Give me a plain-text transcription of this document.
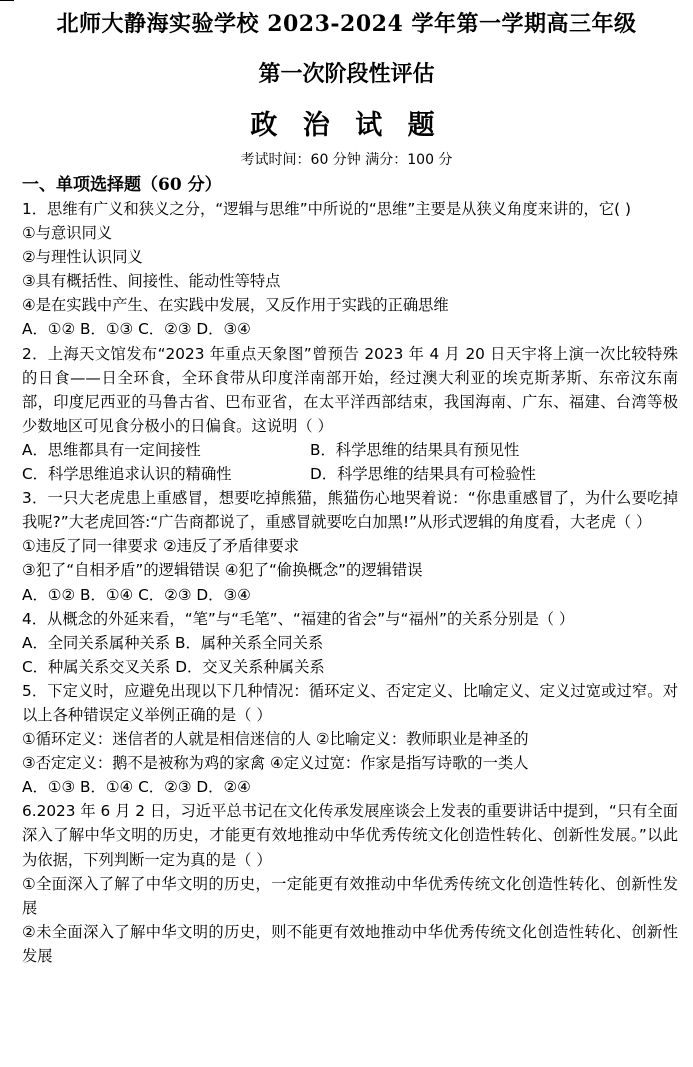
北师大静海实验学校 2023-2024 学年第一学期高三年级
第一次阶段性评估
政 治 试 题
考试时间：60 分钟 满分：100 分
一、单项选择题（60 分）

1．思维有广义和狭义之分，“逻辑与思维”中所说的“思维”主要是从狭义角度来讲的，它( )

①与意识同义

②与理性认识同义

③具有概括性、间接性、能动性等特点

④是在实践中产生、在实践中发展，又反作用于实践的正确思维

A．①② B．①③ C．②③ D．③④

2．上海天文馆发布“2023 年重点天象图”曾预告 2023 年 4 月 20 日天宇将上演一次比较特殊的日食——日全环食，全环食带从印度洋南部开始，经过澳大利亚的埃克斯茅斯、东帝汶东南部，印度尼西亚的马鲁古省、巴布亚省，在太平洋西部结束，我国海南、广东、福建、台湾等极少数地区可见食分极小的日偏食。这说明（ ）

A．思维都具有一定间接性	B．科学思维的结果具有预见性
C．科学思维追求认识的精确性	D．科学思维的结果具有可检验性

3．一只大老虎患上重感冒，想要吃掉熊猫，熊猫伤心地哭着说：“你患重感冒了，为什么要吃掉我呢?”大老虎回答:“广告商都说了，重感冒就要吃白加黑!”从形式逻辑的角度看，大老虎（ ）

①违反了同一律要求 ②违反了矛盾律要求

③犯了“自相矛盾”的逻辑错误 ④犯了“偷换概念”的逻辑错误

A．①② B．①④ C．②③ D．③④

4．从概念的外延来看，“笔”与“毛笔”、“福建的省会”与“福州”的关系分别是（ ）

A．全同关系属种关系 B．属种关系全同关系

C．种属关系交叉关系 D．交叉关系种属关系

5．下定义时，应避免出现以下几种情况：循环定义、否定定义、比喻定义、定义过宽或过窄。对以上各种错误定义举例正确的是（ ）

①循环定义：迷信者的人就是相信迷信的人 ②比喻定义：教师职业是神圣的

③否定定义：鹅不是被称为鸡的家禽 ④定义过宽：作家是指写诗歌的一类人

A．①③ B．①④ C．②③ D．②④

6.2023 年 6 月 2 日，习近平总书记在文化传承发展座谈会上发表的重要讲话中提到，“只有全面深入了解中华文明的历史，才能更有效地推动中华优秀传统文化创造性转化、创新性发展。”以此为依据，下列判断一定为真的是（ ）

①全面深入了解了中华文明的历史，一定能更有效推动中华优秀传统文化创造性转化、创新性发展

②未全面深入了解中华文明的历史，则不能更有效地推动中华优秀传统文化创造性转化、创新性发展
